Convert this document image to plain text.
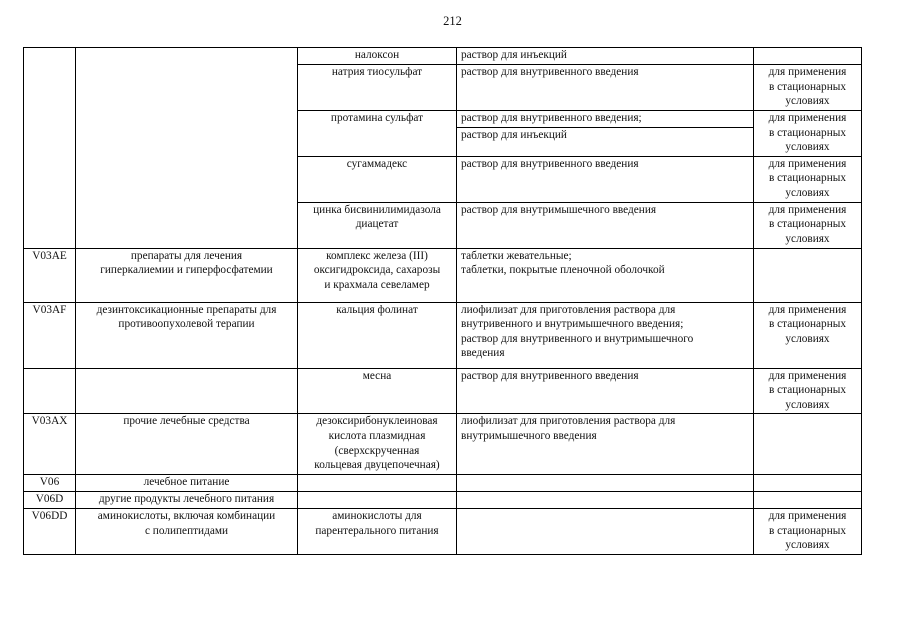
212

		налоксон	раствор для инъекций	

		натрия тиосульфат	раствор для внутривенного введения	для применения
в стационарных
условиях

		протамина сульфат	раствор для внутривенного введения;	для применения
в стационарных
условиях

			раствор для инъекций	

		сугаммадекс	раствор для внутривенного введения	для применения
в стационарных
условиях

		цинка бисвинилимидазола
диацетат	раствор для внутримышечного введения	для применения
в стационарных
условиях

V03AE	препараты для лечения
гиперкалиемии и гиперфосфатемии	комплекс железа (III)
оксигидроксида, сахарозы
и крахмала севеламер	таблетки жевательные;
таблетки, покрытые пленочной оболочкой	

V03AF	дезинтоксикационные препараты для
противоопухолевой терапии	кальция фолинат	лиофилизат для приготовления раствора для
внутривенного и внутримышечного введения;
раствор для внутривенного и внутримышечного
введения	для применения
в стационарных
условиях

		месна	раствор для внутривенного введения	для применения
в стационарных
условиях

V03AX	прочие лечебные средства	дезоксирибонуклеиновая
кислота плазмидная
(сверхскрученная
кольцевая двуцепочечная)	лиофилизат для приготовления раствора для
внутримышечного введения	

V06	лечебное питание			

V06D	другие продукты лечебного питания			

V06DD	аминокислоты, включая комбинации
с полипептидами	аминокислоты для
парентерального питания		для применения
в стационарных
условиях
